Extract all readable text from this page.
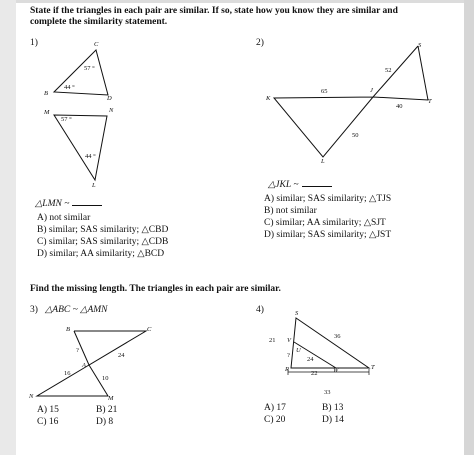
State if the triangles in each pair are similar. If so, state how you know they are similar and
complete the similarity statement.
1)	C
B
D
57 °
44 °
M	N
L
57 °
44 °
△LMN ~
A) not similar
B) similar; SAS similarity; △CBD
C) similar; SAS similarity; △CDB
D) similar; AA similarity; △BCD
2)	S
K
J
T
L
52
65
40
50
△JKL ~
A) similar; SAS similarity; △TJS
B) not similar
C) similar; AA similarity; △SJT
D) similar; SAS similarity; △JST
Find the missing length. The triangles in each pair are similar.
3) △ABC ~ △AMN
B	C
A
N	M
?
24
16
10
A) 15	B) 21
C) 16	D) 8
4)	S
V
U
R	W	T
21
36
?
24
22
33
A) 17	B) 13
C) 20	D) 14
